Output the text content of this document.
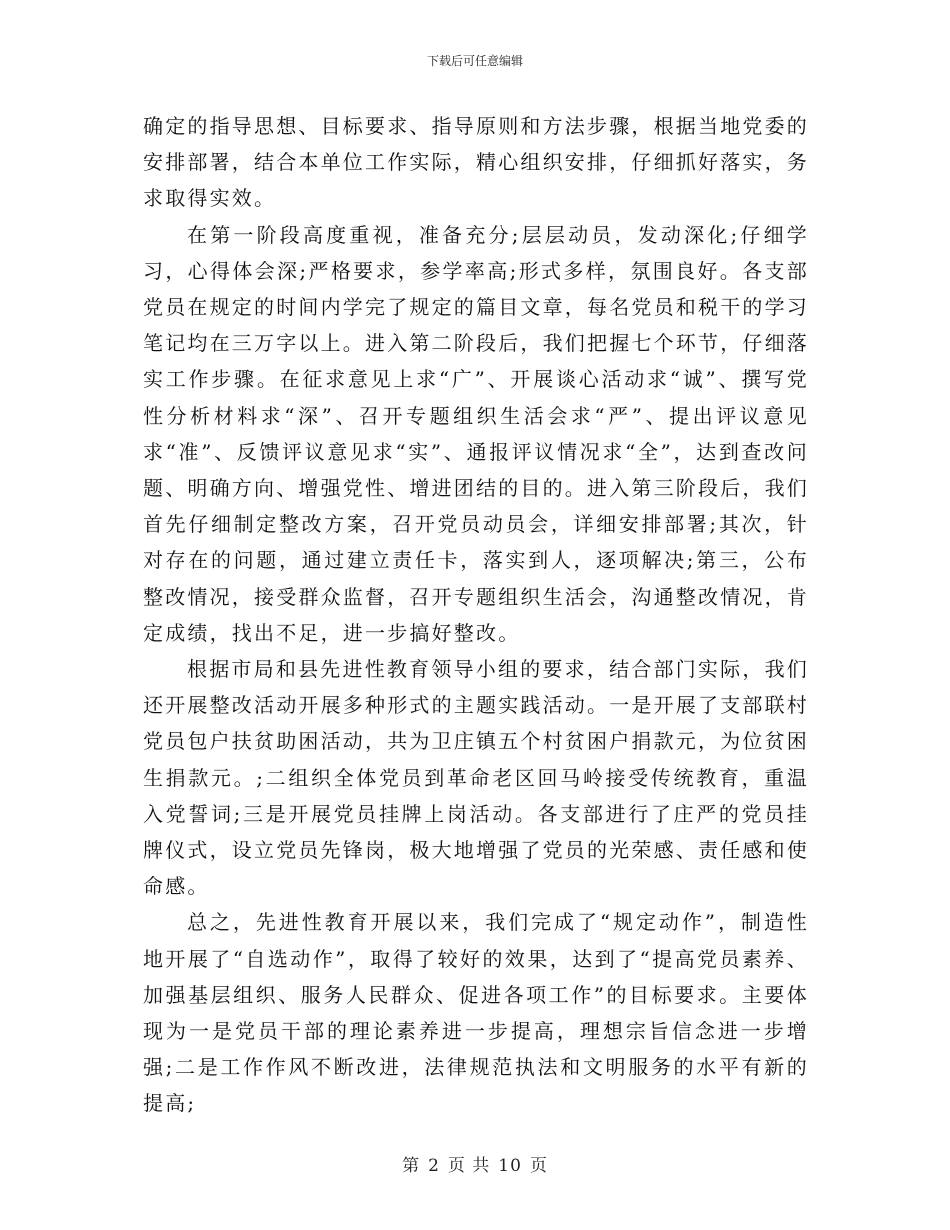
下载后可任意编辑

确定的指导思想、目标要求、指导原则和方法步骤，根据当地党委的安排部署，结合本单位工作实际，精心组织安排，仔细抓好落实，务求取得实效。

在第一阶段高度重视，准备充分;层层动员，发动深化;仔细学习，心得体会深;严格要求，参学率高;形式多样，氛围良好。各支部党员在规定的时间内学完了规定的篇目文章，每名党员和税干的学习笔记均在三万字以上。进入第二阶段后，我们把握七个环节，仔细落实工作步骤。在征求意见上求“广”、开展谈心活动求“诚”、撰写党性分析材料求“深”、召开专题组织生活会求“严”、提出评议意见求“准”、反馈评议意见求“实”、通报评议情况求“全”，达到查改问题、明确方向、增强党性、增进团结的目的。进入第三阶段后，我们首先仔细制定整改方案，召开党员动员会，详细安排部署;其次，针对存在的问题，通过建立责任卡，落实到人，逐项解决;第三，公布整改情况，接受群众监督，召开专题组织生活会，沟通整改情况，肯定成绩，找出不足，进一步搞好整改。

根据市局和县先进性教育领导小组的要求，结合部门实际，我们还开展整改活动开展多种形式的主题实践活动。一是开展了支部联村党员包户扶贫助困活动，共为卫庄镇五个村贫困户捐款元，为位贫困生捐款元。;二组织全体党员到革命老区回马岭接受传统教育，重温入党誓词;三是开展党员挂牌上岗活动。各支部进行了庄严的党员挂牌仪式，设立党员先锋岗，极大地增强了党员的光荣感、责任感和使命感。

总之，先进性教育开展以来，我们完成了“规定动作”，制造性地开展了“自选动作”，取得了较好的效果，达到了“提高党员素养、加强基层组织、服务人民群众、促进各项工作”的目标要求。主要体现为一是党员干部的理论素养进一步提高，理想宗旨信念进一步增强;二是工作作风不断改进，法律规范执法和文明服务的水平有新的提高;

第 2 页 共 10 页
